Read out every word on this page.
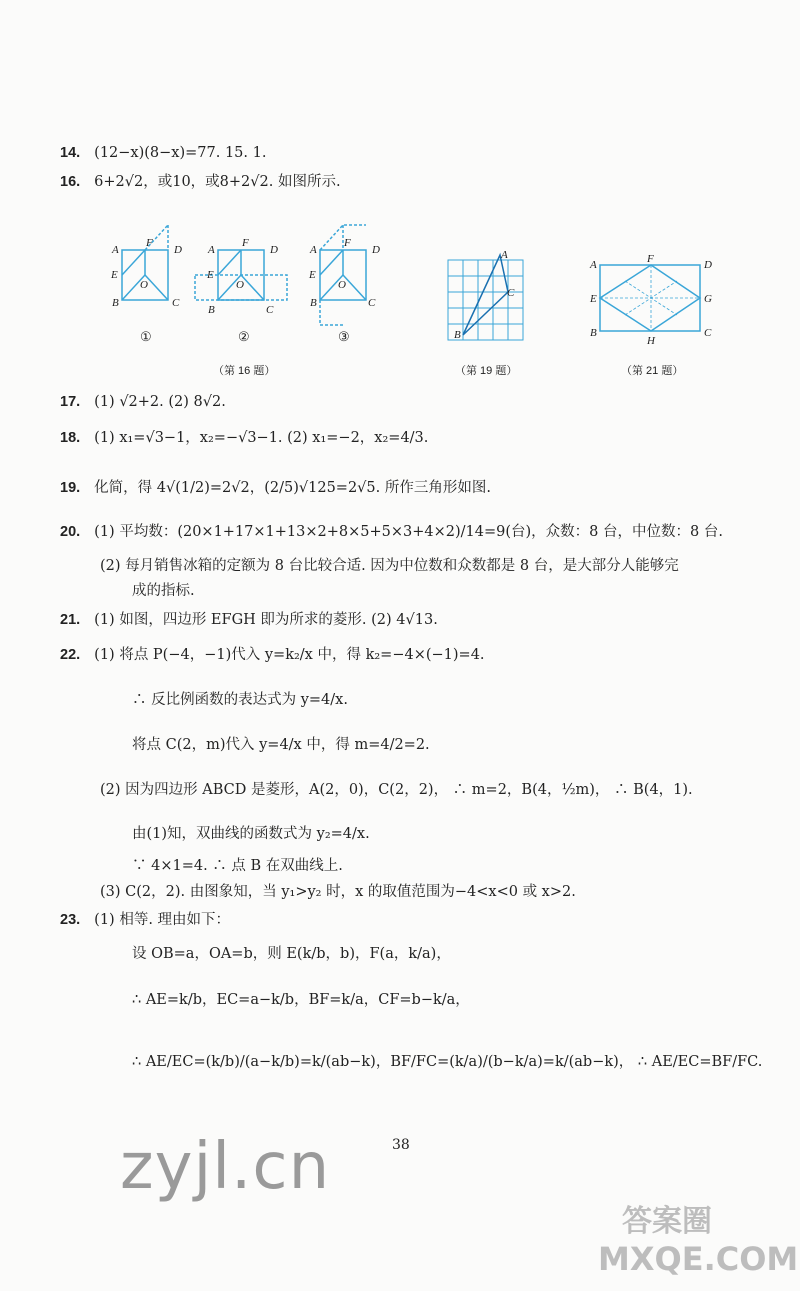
14. (12−x)(8−x)=77. 15. 1.
16. 6+2√2，或10，或8+2√2. 如图所示.
A
F
D
E
O
B	C
A
F
D
E
O
B	C
A
F
D
E
O
B	C
①	②	③
（第 16 题）
A
C
B
（第 19 题）
A	F	D
E	G
B
H
C
（第 21 题）
17. (1) √2+2. (2) 8√2.
18. (1) x₁=√3−1，x₂=−√3−1. (2) x₁=−2，x₂=4/3.
19. 化简，得 4√(1/2)=2√2，(2/5)√125=2√5. 所作三角形如图.
20. (1) 平均数：(20×1+17×1+13×2+8×5+5×3+4×2)/14=9(台)，众数：8 台，中位数：8 台.
(2) 每月销售冰箱的定额为 8 台比较合适. 因为中位数和众数都是 8 台，是大部分人能够完
成的指标.
21. (1) 如图，四边形 EFGH 即为所求的菱形. (2) 4√13.
22. (1) 将点 P(−4，−1)代入 y=k₂/x 中，得 k₂=−4×(−1)=4.
∴ 反比例函数的表达式为 y=4/x.
将点 C(2，m)代入 y=4/x 中，得 m=4/2=2.
(2) 因为四边形 ABCD 是菱形，A(2，0)，C(2，2)， ∴ m=2，B(4，½m)， ∴ B(4，1).
由(1)知，双曲线的函数式为 y₂=4/x.
∵ 4×1=4. ∴ 点 B 在双曲线上.
(3) C(2，2). 由图象知，当 y₁>y₂ 时，x 的取值范围为−4<x<0 或 x>2.
23. (1) 相等. 理由如下：
设 OB=a，OA=b，则 E(k/b，b)，F(a，k/a)，
∴ AE=k/b，EC=a−k/b，BF=k/a，CF=b−k/a，
∴ AE/EC=(k/b)/(a−k/b)=k/(ab−k)，BF/FC=(k/a)/(b−k/a)=k/(ab−k)， ∴ AE/EC=BF/FC.
38
zyjl.cn
答案圈
MXQE.COM
